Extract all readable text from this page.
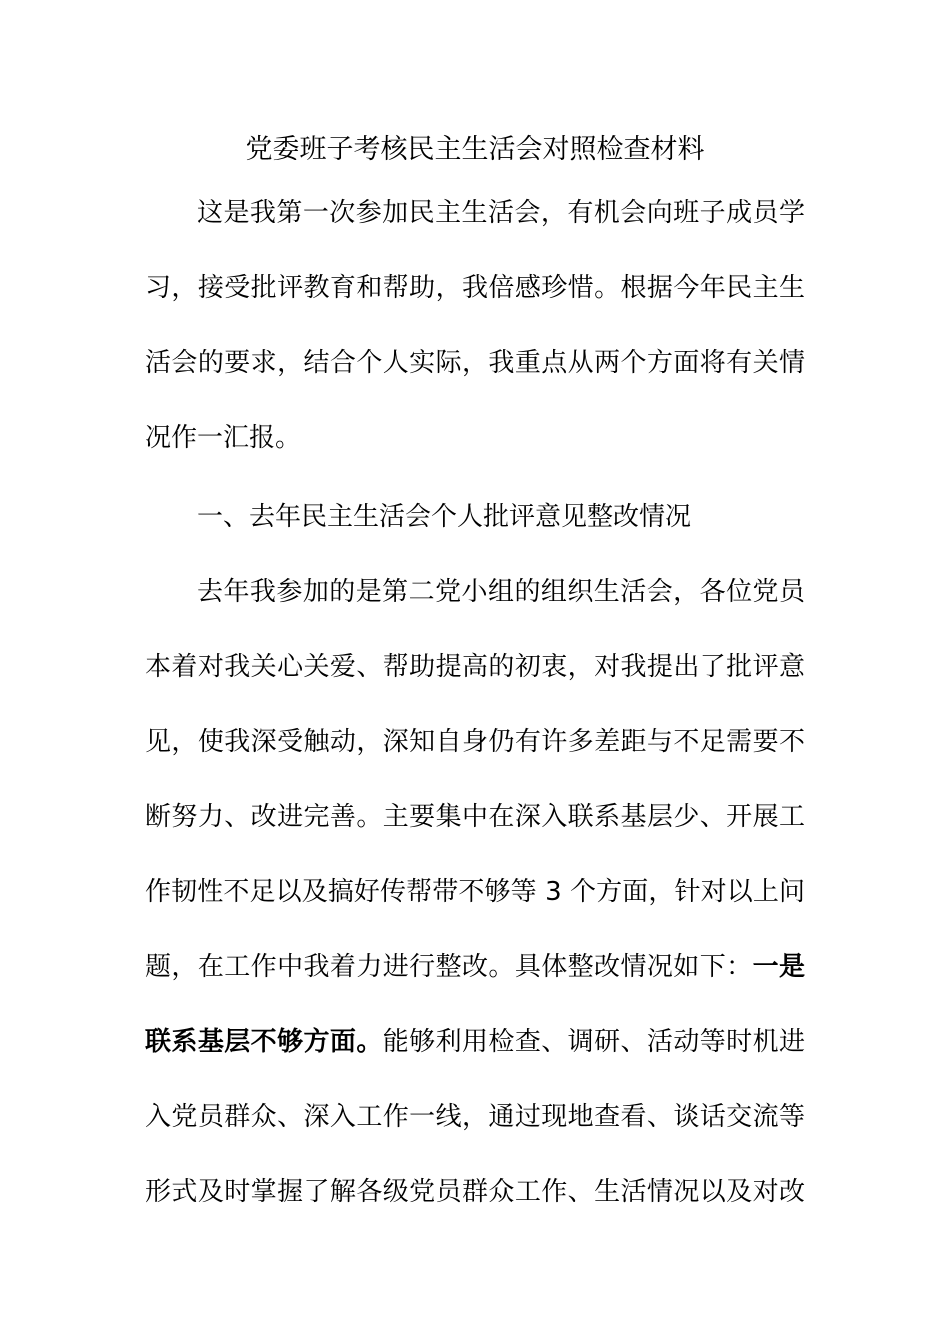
党委班子考核民主生活会对照检查材料
这是我第一次参加民主生活会，有机会向班子成员学
习，接受批评教育和帮助，我倍感珍惜。根据今年民主生
活会的要求，结合个人实际，我重点从两个方面将有关情
况作一汇报。
一、去年民主生活会个人批评意见整改情况
去年我参加的是第二党小组的组织生活会，各位党员
本着对我关心关爱、帮助提高的初衷，对我提出了批评意
见，使我深受触动，深知自身仍有许多差距与不足需要不
断努力、改进完善。主要集中在深入联系基层少、开展工
作韧性不足以及搞好传帮带不够等 3 个方面，针对以上问
题，在工作中我着力进行整改。具体整改情况如下：一是
联系基层不够方面。能够利用检查、调研、活动等时机进
入党员群众、深入工作一线，通过现地查看、谈话交流等
形式及时掌握了解各级党员群众工作、生活情况以及对改
